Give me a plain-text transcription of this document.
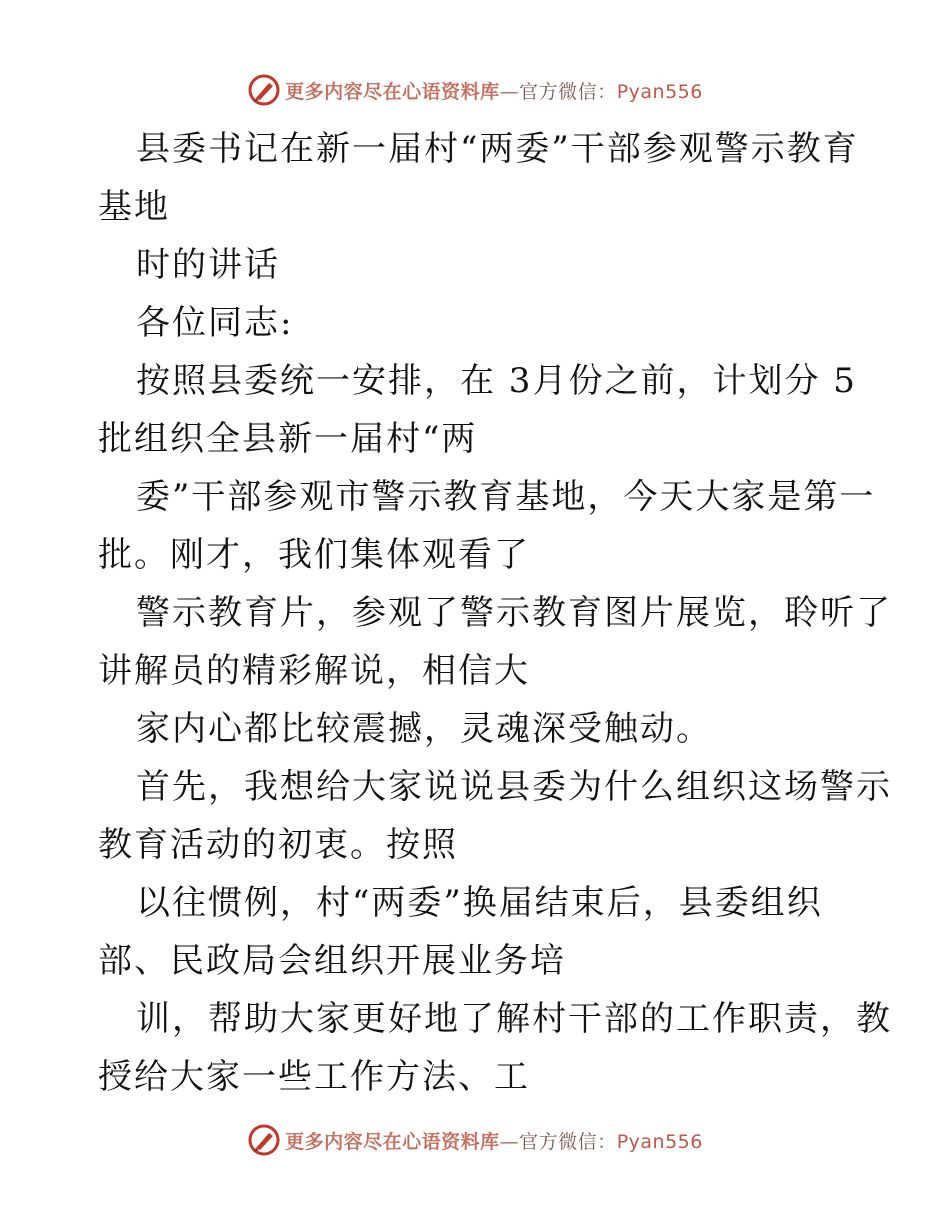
更多内容尽在心语资料库—官方微信：Pyan556
县委书记在新一届村“两委”干部参观警示教育
基地
时的讲话
各位同志:
按照县委统一安排，在 3月份之前，计划分 5
批组织全县新一届村“两
委”干部参观市警示教育基地，今天大家是第一
批。刚才，我们集体观看了
警示教育片，参观了警示教育图片展览，聆听了
讲解员的精彩解说，相信大
家内心都比较震撼，灵魂深受触动。
首先，我想给大家说说县委为什么组织这场警示
教育活动的初衷。按照
以往惯例，村“两委”换届结束后，县委组织
部、民政局会组织开展业务培
训，帮助大家更好地了解村干部的工作职责，教
授给大家一些工作方法、工
更多内容尽在心语资料库—官方微信：Pyan556
